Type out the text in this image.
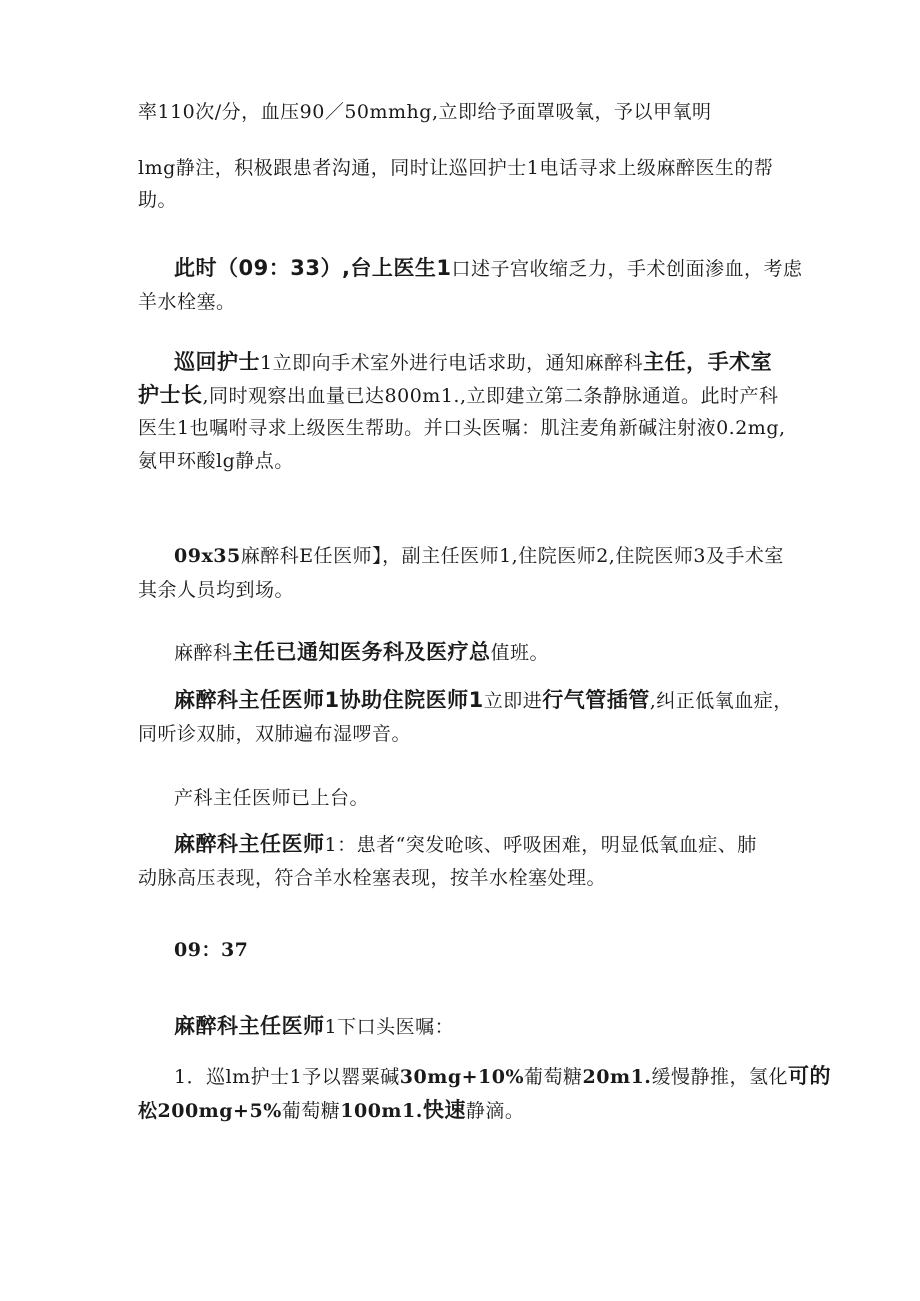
率110次/分，血压90／50mmhg,立即给予面罩吸氧，予以甲氧明
lmg静注，积极跟患者沟通，同时让巡回护士1电话寻求上级麻醉医生的帮
助。
此时（09：33）,台上医生1口述子宫收缩乏力，手术创面渗血，考虑
羊水栓塞。
巡回护士1立即向手术室外进行电话求助，通知麻醉科主任，手术室
护士长,同时观察出血量已达800m1.,立即建立第二条静脉通道。此时产科
医生1也嘱咐寻求上级医生帮助。并口头医嘱：肌注麦角新碱注射液0.2mg,
氨甲环酸lg静点。
09x35麻醉科E任医师】，副主任医师1,住院医师2,住院医师3及手术室
其余人员均到场。
麻醉科主任已通知医务科及医疗总值班。
麻醉科主任医师1协助住院医师1立即进行气管插管,纠正低氧血症，
同听诊双肺，双肺遍布湿啰音。
产科主任医师已上台。
麻醉科主任医师1：患者“突发呛咳、呼吸困难，明显低氧血症、肺
动脉高压表现，符合羊水栓塞表现，按羊水栓塞处理。
09：37
麻醉科主任医师1下口头医嘱：
1．巡lm护士1予以罂粟碱30mg+10%葡萄糖20m1.缓慢静推，氢化可的
松200mg+5%葡萄糖100m1.快速静滴。
